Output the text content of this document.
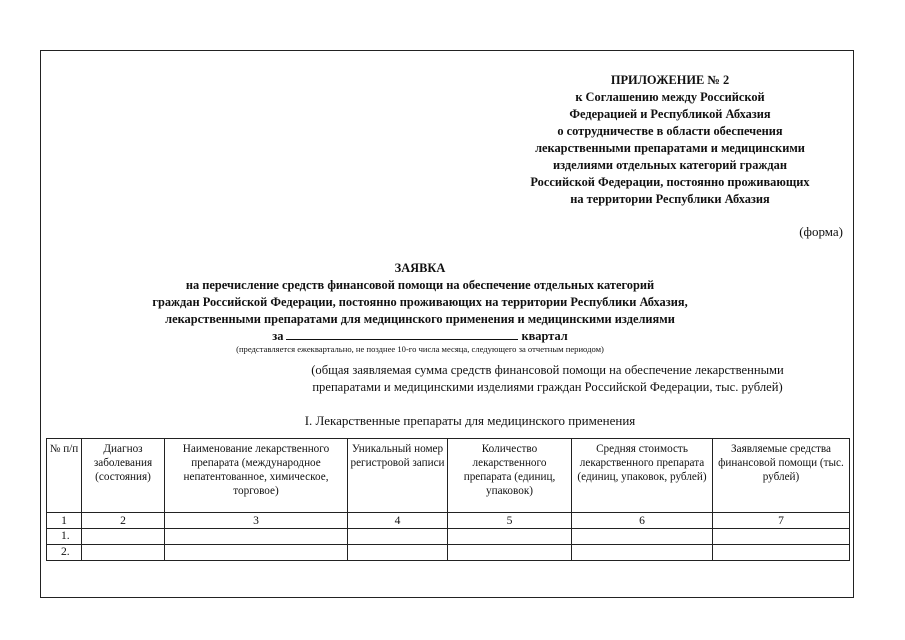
ПРИЛОЖЕНИЕ № 2
к Соглашению между Российской
Федерацией и Республикой Абхазия
о сотрудничестве в области обеспечения
лекарственными препаратами и медицинскими
изделиями отдельных категорий граждан
Российской Федерации, постоянно проживающих
на территории Республики Абхазия
(форма)
ЗАЯВКА
на перечисление средств финансовой помощи на обеспечение отдельных категорий
граждан Российской Федерации, постоянно проживающих на территории Республики Абхазия,
лекарственными препаратами для медицинского применения и медицинскими изделиями
за	квартал
(представляется ежеквартально, не позднее 10-го числа месяца, следующего за отчетным периодом)
(общая заявляемая сумма средств финансовой помощи на обеспечение лекарственными
препаратами и медицинскими изделиями граждан Российской Федерации, тыс. рублей)
I. Лекарственные препараты для медицинского применения
№ п/п	Диагноз заболевания (состояния)	Наименование лекарственного препарата (международное непатентованное, химическое, торговое)	Уникальный номер регистровой записи	Количество лекарственного препарата (единиц, упаковок)	Средняя стоимость лекарственного препарата (единиц, упаковок, рублей)	Заявляемые средства финансовой помощи (тыс. рублей)
1	2	3	4	5	6	7
1.						
2.						
